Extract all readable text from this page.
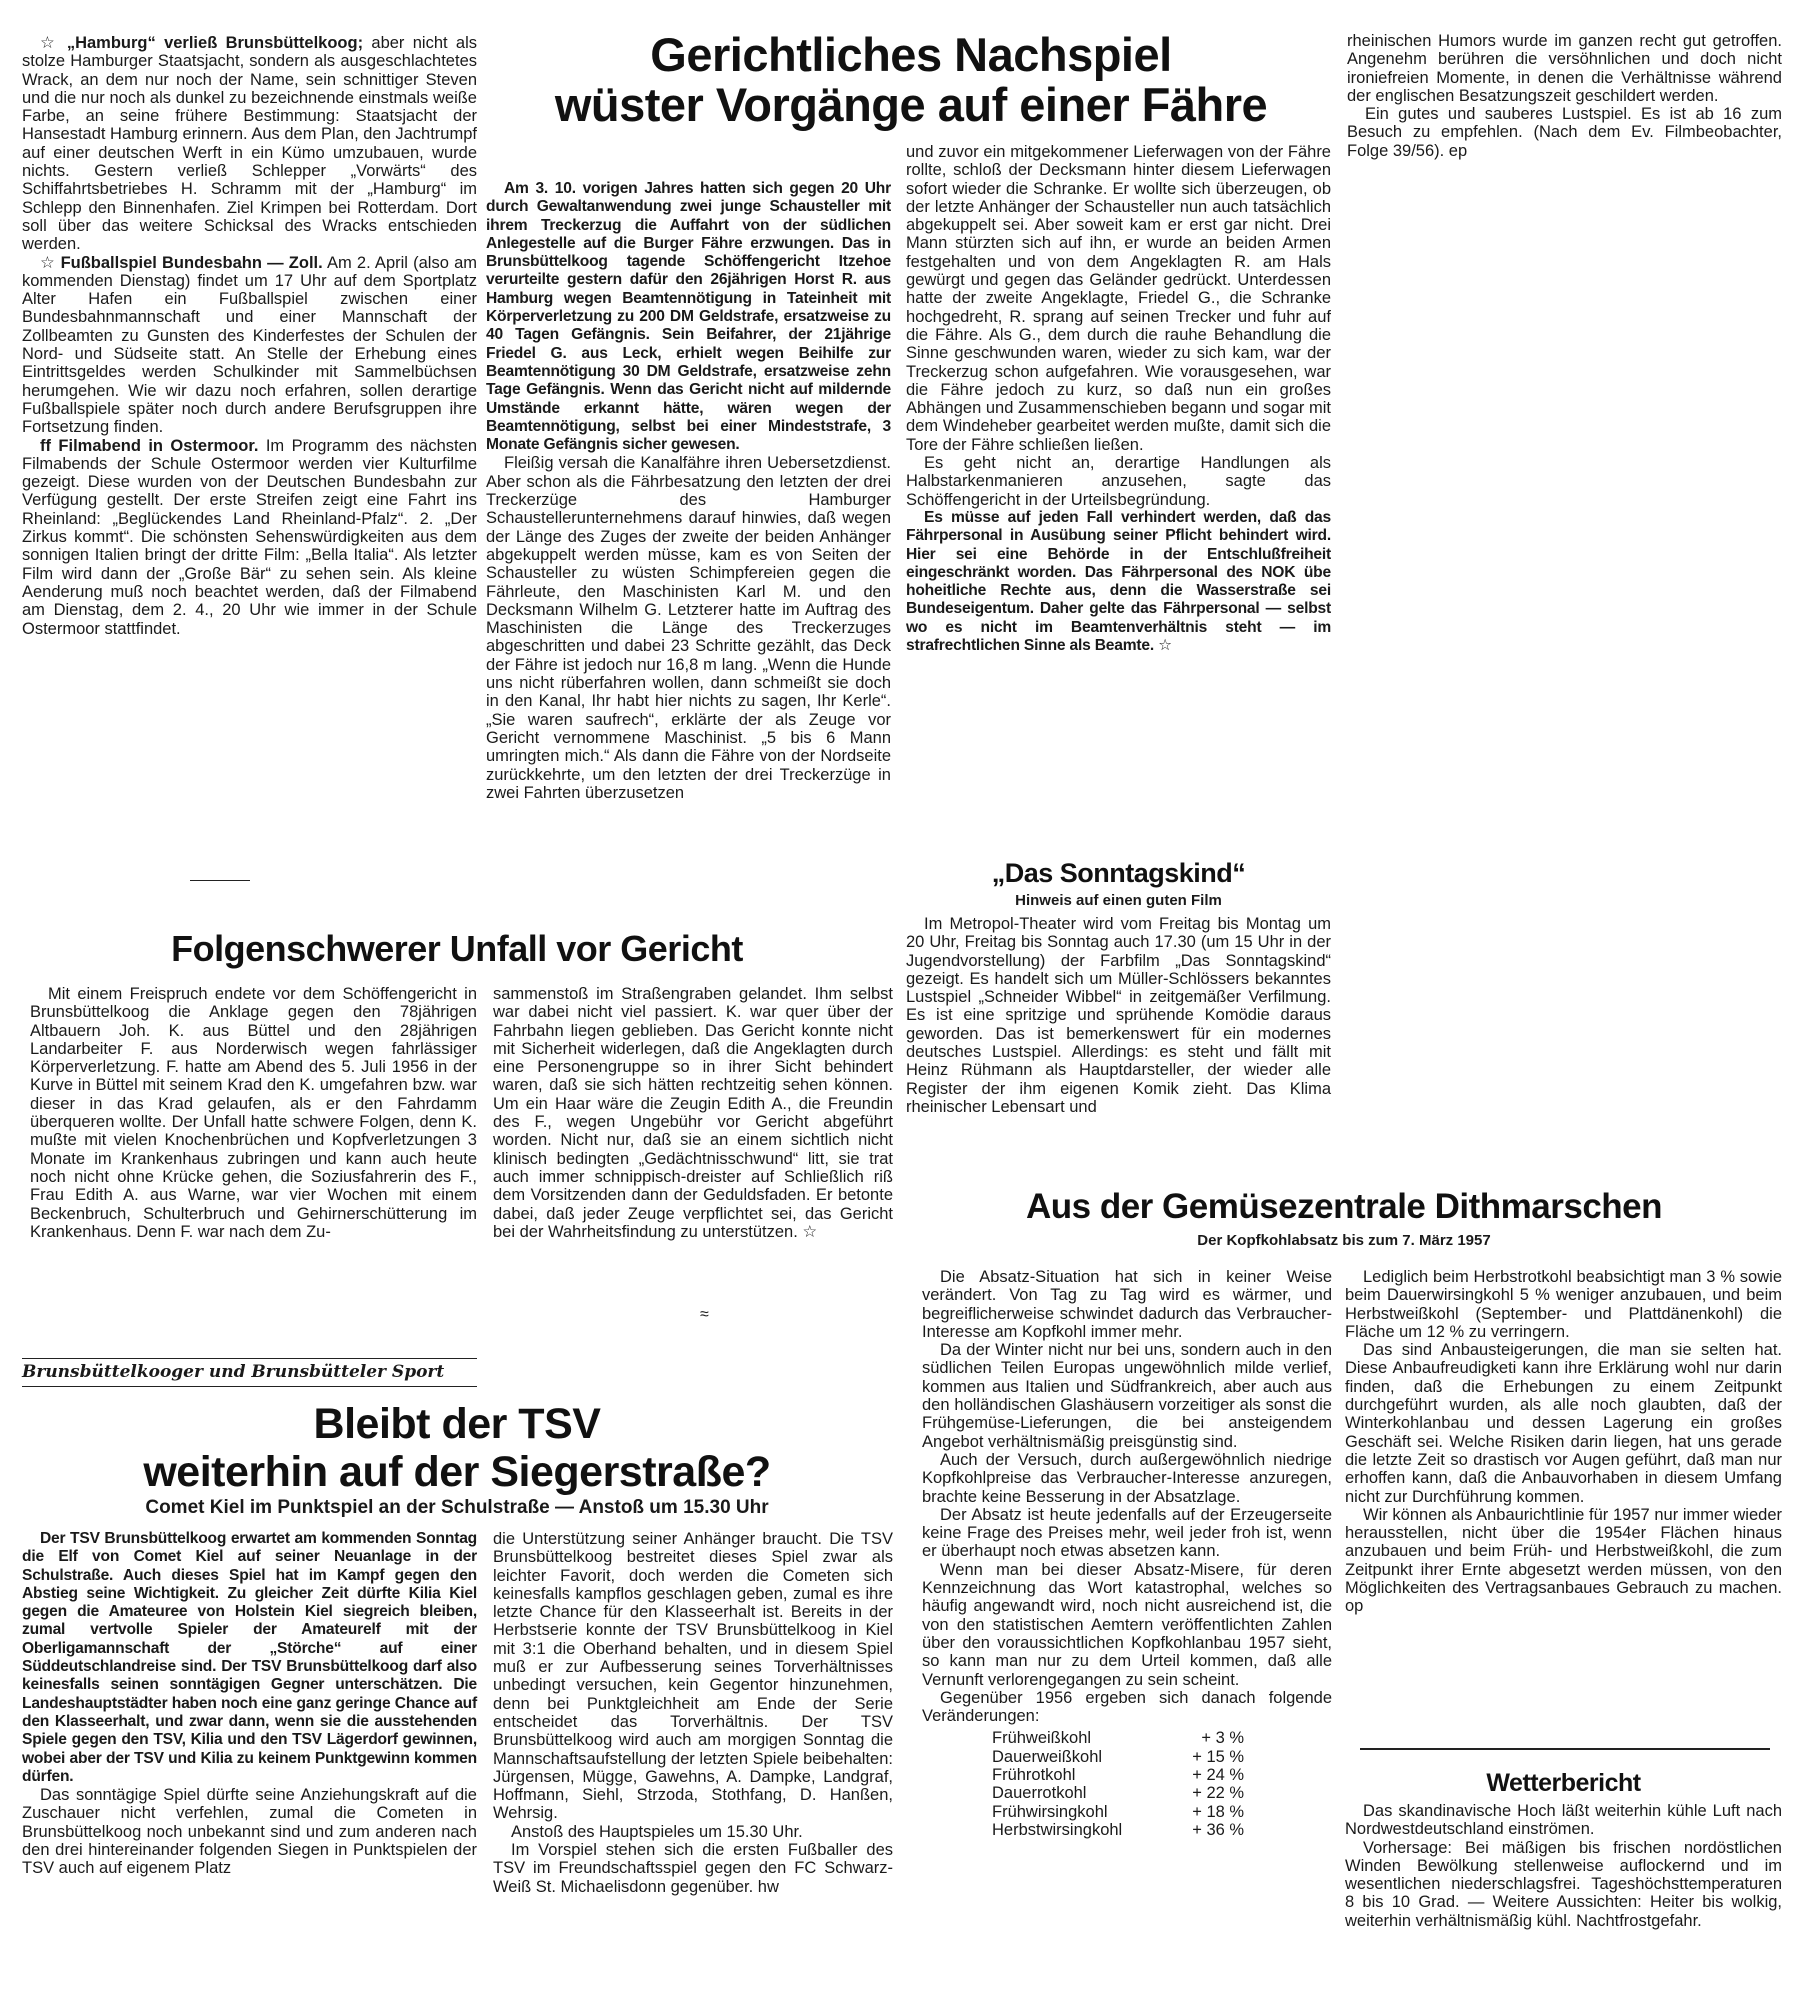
☆ „Hamburg“ verließ Brunsbüttelkoog; aber nicht als stolze Hamburger Staatsjacht, sondern als ausgeschlachtetes Wrack, an dem nur noch der Name, sein schnittiger Steven und die nur noch als dunkel zu bezeichnende einstmals weiße Farbe, an seine frühere Bestimmung: Staatsjacht der Hansestadt Hamburg erinnern. Aus dem Plan, den Jachtrumpf auf einer deutschen Werft in ein Kümo umzubauen, wurde nichts. Gestern verließ Schlepper „Vorwärts“ des Schiffahrtsbetriebes H. Schramm mit der „Hamburg“ im Schlepp den Binnenhafen. Ziel Krimpen bei Rotterdam. Dort soll über das weitere Schicksal des Wracks entschieden werden.

☆ Fußballspiel Bundesbahn — Zoll. Am 2. April (also am kommenden Dienstag) findet um 17 Uhr auf dem Sportplatz Alter Hafen ein Fußballspiel zwischen einer Bundesbahnmannschaft und einer Mannschaft der Zollbeamten zu Gunsten des Kinderfestes der Schulen der Nord- und Südseite statt. An Stelle der Erhebung eines Eintrittsgeldes werden Schulkinder mit Sammelbüchsen herumgehen. Wie wir dazu noch erfahren, sollen derartige Fußballspiele später noch durch andere Berufsgruppen ihre Fortsetzung finden.

ff Filmabend in Ostermoor. Im Programm des nächsten Filmabends der Schule Ostermoor werden vier Kulturfilme gezeigt. Diese wurden von der Deutschen Bundesbahn zur Verfügung gestellt. Der erste Streifen zeigt eine Fahrt ins Rheinland: „Beglückendes Land Rheinland-Pfalz“. 2. „Der Zirkus kommt“. Die schönsten Sehenswürdigkeiten aus dem sonnigen Italien bringt der dritte Film: „Bella Italia“. Als letzter Film wird dann der „Große Bär“ zu sehen sein. Als kleine Aenderung muß noch beachtet werden, daß der Filmabend am Dienstag, dem 2. 4., 20 Uhr wie immer in der Schule Ostermoor stattfindet.

Gerichtliches Nachspiel
wüster Vorgänge auf einer Fähre

Am 3. 10. vorigen Jahres hatten sich gegen 20 Uhr durch Gewaltanwendung zwei junge Schausteller mit ihrem Treckerzug die Auffahrt von der südlichen Anlegestelle auf die Burger Fähre erzwungen. Das in Brunsbüttelkoog tagende Schöffengericht Itzehoe verurteilte gestern dafür den 26jährigen Horst R. aus Hamburg wegen Beamtennötigung in Tateinheit mit Körperverletzung zu 200 DM Geldstrafe, ersatzweise zu 40 Tagen Gefängnis. Sein Beifahrer, der 21jährige Friedel G. aus Leck, erhielt wegen Beihilfe zur Beamtennötigung 30 DM Geldstrafe, ersatzweise zehn Tage Gefängnis. Wenn das Gericht nicht auf mildernde Umstände erkannt hätte, wären wegen der Beamtennötigung, selbst bei einer Mindeststrafe, 3 Monate Gefängnis sicher gewesen.

Fleißig versah die Kanalfähre ihren Uebersetzdienst. Aber schon als die Fährbesatzung den letzten der drei Treckerzüge des Hamburger Schaustellerunternehmens darauf hinwies, daß wegen der Länge des Zuges der zweite der beiden Anhänger abgekuppelt werden müsse, kam es von Seiten der Schausteller zu wüsten Schimpfereien gegen die Fährleute, den Maschinisten Karl M. und den Decksmann Wilhelm G. Letzterer hatte im Auftrag des Maschinisten die Länge des Treckerzuges abgeschritten und dabei 23 Schritte gezählt, das Deck der Fähre ist jedoch nur 16,8 m lang. „Wenn die Hunde uns nicht rüberfahren wollen, dann schmeißt sie doch in den Kanal, Ihr habt hier nichts zu sagen, Ihr Kerle“. „Sie waren saufrech“, erklärte der als Zeuge vor Gericht vernommene Maschinist. „5 bis 6 Mann umringten mich.“ Als dann die Fähre von der Nordseite zurückkehrte, um den letzten der drei Treckerzüge in zwei Fahrten überzusetzen

und zuvor ein mitgekommener Lieferwagen von der Fähre rollte, schloß der Decksmann hinter diesem Lieferwagen sofort wieder die Schranke. Er wollte sich überzeugen, ob der letzte Anhänger der Schausteller nun auch tatsächlich abgekuppelt sei. Aber soweit kam er erst gar nicht. Drei Mann stürzten sich auf ihn, er wurde an beiden Armen festgehalten und von dem Angeklagten R. am Hals gewürgt und gegen das Geländer gedrückt. Unterdessen hatte der zweite Angeklagte, Friedel G., die Schranke hochgedreht, R. sprang auf seinen Trecker und fuhr auf die Fähre. Als G., dem durch die rauhe Behandlung die Sinne geschwunden waren, wieder zu sich kam, war der Treckerzug schon aufgefahren. Wie vorausgesehen, war die Fähre jedoch zu kurz, so daß nun ein großes Abhängen und Zusammenschieben begann und sogar mit dem Windeheber gearbeitet werden mußte, damit sich die Tore der Fähre schließen ließen.

Es geht nicht an, derartige Handlungen als Halbstarkenmanieren anzusehen, sagte das Schöffengericht in der Urteilsbegründung.

Es müsse auf jeden Fall verhindert werden, daß das Fährpersonal in Ausübung seiner Pflicht behindert wird. Hier sei eine Behörde in der Entschlußfreiheit eingeschränkt worden. Das Fährpersonal des NOK übe hoheitliche Rechte aus, denn die Wasserstraße sei Bundeseigentum. Daher gelte das Fährpersonal — selbst wo es nicht im Beamtenverhältnis steht — im strafrechtlichen Sinne als Beamte. ☆

rheinischen Humors wurde im ganzen recht gut getroffen. Angenehm berühren die versöhnlichen und doch nicht ironiefreien Momente, in denen die Verhältnisse während der englischen Besatzungszeit geschildert werden.

Ein gutes und sauberes Lustspiel. Es ist ab 16 zum Besuch zu empfehlen. (Nach dem Ev. Filmbeobachter, Folge 39/56). ep

„Das Sonntagskind“
Hinweis auf einen guten Film

Im Metropol-Theater wird vom Freitag bis Montag um 20 Uhr, Freitag bis Sonntag auch 17.30 (um 15 Uhr in der Jugendvorstellung) der Farbfilm „Das Sonntagskind“ gezeigt. Es handelt sich um Müller-Schlössers bekanntes Lustspiel „Schneider Wibbel“ in zeitgemäßer Verfilmung. Es ist eine spritzige und sprühende Komödie daraus geworden. Das ist bemerkenswert für ein modernes deutsches Lustspiel. Allerdings: es steht und fällt mit Heinz Rühmann als Hauptdarsteller, der wieder alle Register der ihm eigenen Komik zieht. Das Klima rheinischer Lebensart und

Folgenschwerer Unfall vor Gericht

Mit einem Freispruch endete vor dem Schöffengericht in Brunsbüttelkoog die Anklage gegen den 78jährigen Altbauern Joh. K. aus Büttel und den 28jährigen Landarbeiter F. aus Norderwisch wegen fahrlässiger Körperverletzung. F. hatte am Abend des 5. Juli 1956 in der Kurve in Büttel mit seinem Krad den K. umgefahren bzw. war dieser in das Krad gelaufen, als er den Fahrdamm überqueren wollte. Der Unfall hatte schwere Folgen, denn K. mußte mit vielen Knochenbrüchen und Kopfverletzungen 3 Monate im Krankenhaus zubringen und kann auch heute noch nicht ohne Krücke gehen, die Soziusfahrerin des F., Frau Edith A. aus Warne, war vier Wochen mit einem Beckenbruch, Schulterbruch und Gehirnerschütterung im Krankenhaus. Denn F. war nach dem Zu-

sammenstoß im Straßengraben gelandet. Ihm selbst war dabei nicht viel passiert. K. war quer über der Fahrbahn liegen geblieben. Das Gericht konnte nicht mit Sicherheit widerlegen, daß die Angeklagten durch eine Personengruppe so in ihrer Sicht behindert waren, daß sie sich hätten rechtzeitig sehen können. Um ein Haar wäre die Zeugin Edith A., die Freundin des F., wegen Ungebühr vor Gericht abgeführt worden. Nicht nur, daß sie an einem sichtlich nicht klinisch bedingten „Gedächtnisschwund“ litt, sie trat auch immer schnippisch-dreister auf Schließlich riß dem Vorsitzenden dann der Geduldsfaden. Er betonte dabei, daß jeder Zeuge verpflichtet sei, das Gericht bei der Wahrheitsfindung zu unterstützen. ☆

≈
Aus der Gemüsezentrale Dithmarschen
Der Kopfkohlabsatz bis zum 7. März 1957

Die Absatz-Situation hat sich in keiner Weise verändert. Von Tag zu Tag wird es wärmer, und begreiflicherweise schwindet dadurch das Verbraucher-Interesse am Kopfkohl immer mehr.

Da der Winter nicht nur bei uns, sondern auch in den südlichen Teilen Europas ungewöhnlich milde verlief, kommen aus Italien und Südfrankreich, aber auch aus den holländischen Glashäusern vorzeitiger als sonst die Frühgemüse-Lieferungen, die bei ansteigendem Angebot verhältnismäßig preisgünstig sind.

Auch der Versuch, durch außergewöhnlich niedrige Kopfkohlpreise das Verbraucher-Interesse anzuregen, brachte keine Besserung in der Absatzlage.

Der Absatz ist heute jedenfalls auf der Erzeugerseite keine Frage des Preises mehr, weil jeder froh ist, wenn er überhaupt noch etwas absetzen kann.

Wenn man bei dieser Absatz-Misere, für deren Kennzeichnung das Wort katastrophal, welches so häufig angewandt wird, noch nicht ausreichend ist, die von den statistischen Aemtern veröffentlichten Zahlen über den voraussichtlichen Kopfkohlanbau 1957 sieht, so kann man nur zu dem Urteil kommen, daß alle Vernunft verlorengegangen zu sein scheint.

Gegenüber 1956 ergeben sich danach folgende Veränderungen:

Frühweißkohl	+ 3 %
Dauerweißkohl	+ 15 %
Frührotkohl	+ 24 %
Dauerrotkohl	+ 22 %
Frühwirsingkohl	+ 18 %
Herbstwirsingkohl	+ 36 %

Lediglich beim Herbstrotkohl beabsichtigt man 3 % sowie beim Dauerwirsingkohl 5 % weniger anzubauen, und beim Herbstweißkohl (September- und Plattdänenkohl) die Fläche um 12 % zu verringern.

Das sind Anbausteigerungen, die man sie selten hat. Diese Anbaufreudigketi kann ihre Erklärung wohl nur darin finden, daß die Erhebungen zu einem Zeitpunkt durchgeführt wurden, als alle noch glaubten, daß der Winterkohlanbau und dessen Lagerung ein großes Geschäft sei. Welche Risiken darin liegen, hat uns gerade die letzte Zeit so drastisch vor Augen geführt, daß man nur erhoffen kann, daß die Anbauvorhaben in diesem Umfang nicht zur Durchführung kommen.

Wir können als Anbaurichtlinie für 1957 nur immer wieder herausstellen, nicht über die 1954er Flächen hinaus anzubauen und beim Früh- und Herbstweißkohl, die zum Zeitpunkt ihrer Ernte abgesetzt werden müssen, von den Möglichkeiten des Vertragsanbaues Gebrauch zu machen. op

Wetterbericht

Das skandinavische Hoch läßt weiterhin kühle Luft nach Nordwestdeutschland einströmen.

Vorhersage: Bei mäßigen bis frischen nordöstlichen Winden Bewölkung stellenweise auflockernd und im wesentlichen niederschlagsfrei. Tageshöchsttemperaturen 8 bis 10 Grad. — Weitere Aussichten: Heiter bis wolkig, weiterhin verhältnismäßig kühl. Nachtfrostgefahr.

Brunsbüttelkooger und Brunsbütteler Sport
Bleibt der TSV
weiterhin auf der Siegerstraße?
Comet Kiel im Punktspiel an der Schulstraße — Anstoß um 15.30 Uhr

Der TSV Brunsbüttelkoog erwartet am kommenden Sonntag die Elf von Comet Kiel auf seiner Neuanlage in der Schulstraße. Auch dieses Spiel hat im Kampf gegen den Abstieg seine Wichtigkeit. Zu gleicher Zeit dürfte Kilia Kiel gegen die Amateuree von Holstein Kiel siegreich bleiben, zumal vertvolle Spieler der Amateurelf mit der Oberligamannschaft der „Störche“ auf einer Süddeutschlandreise sind. Der TSV Brunsbüttelkoog darf also keinesfalls seinen sonntägigen Gegner unterschätzen. Die Landeshauptstädter haben noch eine ganz geringe Chance auf den Klasseerhalt, und zwar dann, wenn sie die ausstehenden Spiele gegen den TSV, Kilia und den TSV Lägerdorf gewinnen, wobei aber der TSV und Kilia zu keinem Punktgewinn kommen dürfen.

Das sonntägige Spiel dürfte seine Anziehungskraft auf die Zuschauer nicht verfehlen, zumal die Cometen in Brunsbüttelkoog noch unbekannt sind und zum anderen nach den drei hintereinander folgenden Siegen in Punktspielen der TSV auch auf eigenem Platz

die Unterstützung seiner Anhänger braucht. Die TSV Brunsbüttelkoog bestreitet dieses Spiel zwar als leichter Favorit, doch werden die Cometen sich keinesfalls kampflos geschlagen geben, zumal es ihre letzte Chance für den Klasseerhalt ist. Bereits in der Herbstserie konnte der TSV Brunsbüttelkoog in Kiel mit 3:1 die Oberhand behalten, und in diesem Spiel muß er zur Aufbesserung seines Torverhältnisses unbedingt versuchen, kein Gegentor hinzunehmen, denn bei Punktgleichheit am Ende der Serie entscheidet das Torverhältnis. Der TSV Brunsbüttelkoog wird auch am morgigen Sonntag die Mannschaftsaufstellung der letzten Spiele beibehalten: Jürgensen, Mügge, Gawehns, A. Dampke, Landgraf, Hoffmann, Siehl, Strzoda, Stothfang, D. Hanßen, Wehrsig.

Anstoß des Hauptspieles um 15.30 Uhr.

Im Vorspiel stehen sich die ersten Fußballer des TSV im Freundschaftsspiel gegen den FC Schwarz-Weiß St. Michaelisdonn gegenüber. hw
